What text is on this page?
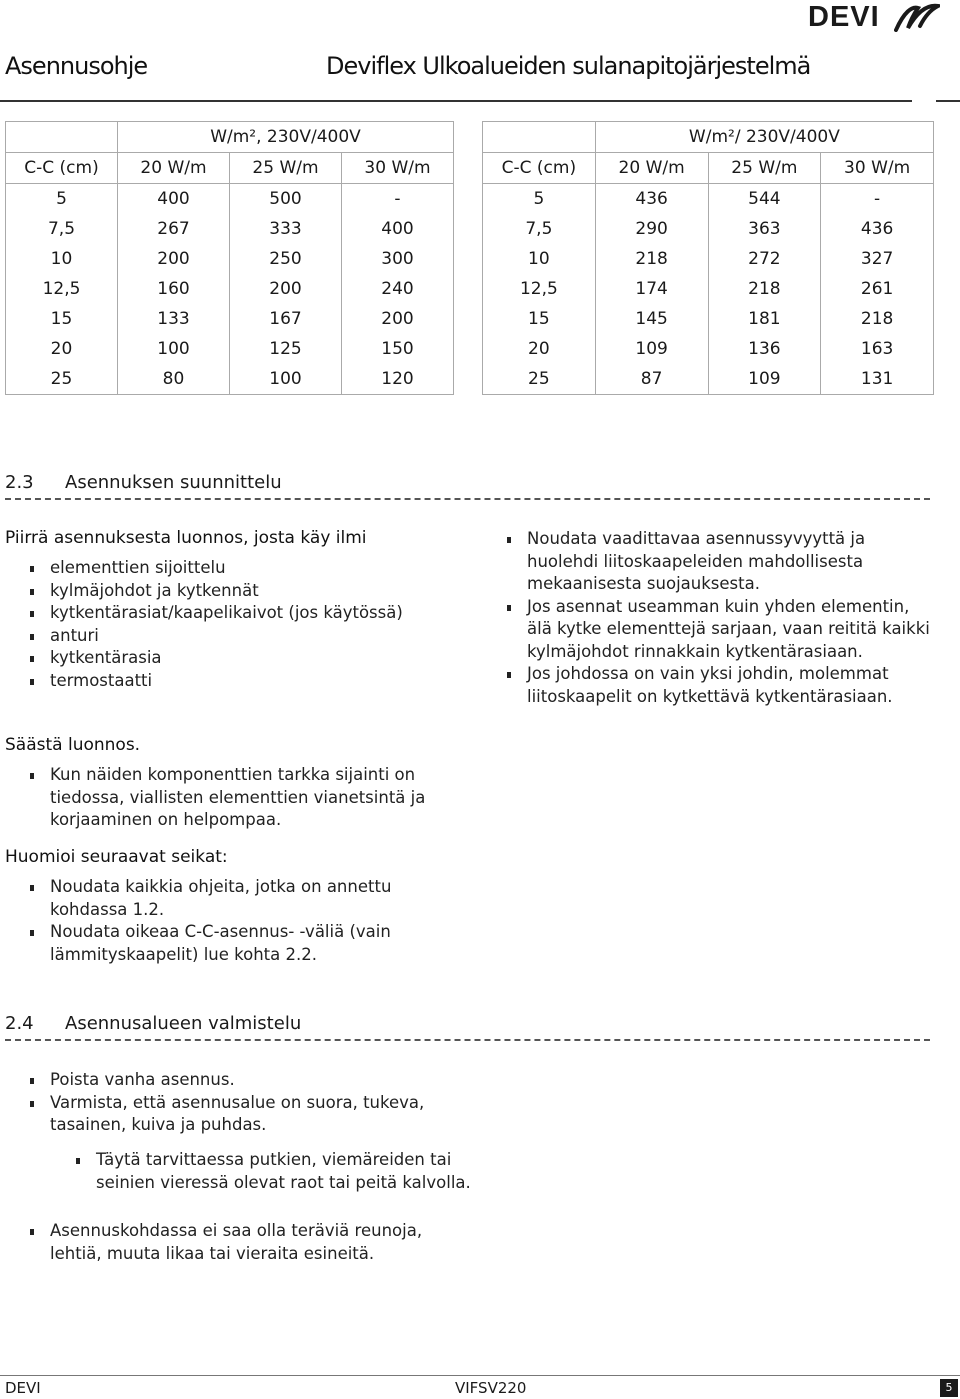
DEVI
Asennusohje	Deviflex Ulkoalueiden sulanapitojärjestelmä
	W/m², 230V/400V		
C-C (cm)	20 W/m	25 W/m	30 W/m
5	400	500	-
7,5	267	333	400
10	200	250	300
12,5	160	200	240
15	133	167	200
20	100	125	150
25	80	100	120
	W/m²/ 230V/400V		
C-C (cm)	20 W/m	25 W/m	30 W/m
5	436	544	-
7,5	290	363	436
10	218	272	327
12,5	174	218	261
15	145	181	218
20	109	136	163
25	87	109	131
2.3 Asennuksen suunnittelu
Piirrä asennuksesta luonnos, josta käy ilmi
elementtien sijoittelu
kylmäjohdot ja kytkennät
kytkentärasiat/kaapelikaivot (jos käytössä)
anturi
kytkentärasia
termostaatti
Säästä luonnos.
Kun näiden komponenttien tarkka sijainti on tiedossa, viallisten elementtien vianetsintä ja korjaaminen on helpompaa.
Huomioi seuraavat seikat:
Noudata kaikkia ohjeita, jotka on annettu kohdassa 1.2.
Noudata oikeaa C-C-asennus- -väliä (vain lämmityskaapelit) lue kohta 2.2.
Noudata vaadittavaa asennussyvyyttä ja huolehdi liitoskaapeleiden mahdollisesta mekaanisesta suojauksesta.
Jos asennat useamman kuin yhden elementin, älä kytke elementtejä sarjaan, vaan reititä kaikki kylmäjohdot rinnakkain kytkentärasiaan.
Jos johdossa on vain yksi johdin, molemmat liitoskaapelit on kytkettävä kytkentärasiaan.
2.4 Asennusalueen valmistelu
Poista vanha asennus.
Varmista, että asennusalue on suora, tukeva, tasainen, kuiva ja puhdas.
Täytä tarvittaessa putkien, viemäreiden tai seinien vieressä olevat raot tai peitä kalvolla.
Asennuskohdassa ei saa olla teräviä reunoja, lehtiä, muuta likaa tai vieraita esineitä.
DEVI	VIFSV220	5
